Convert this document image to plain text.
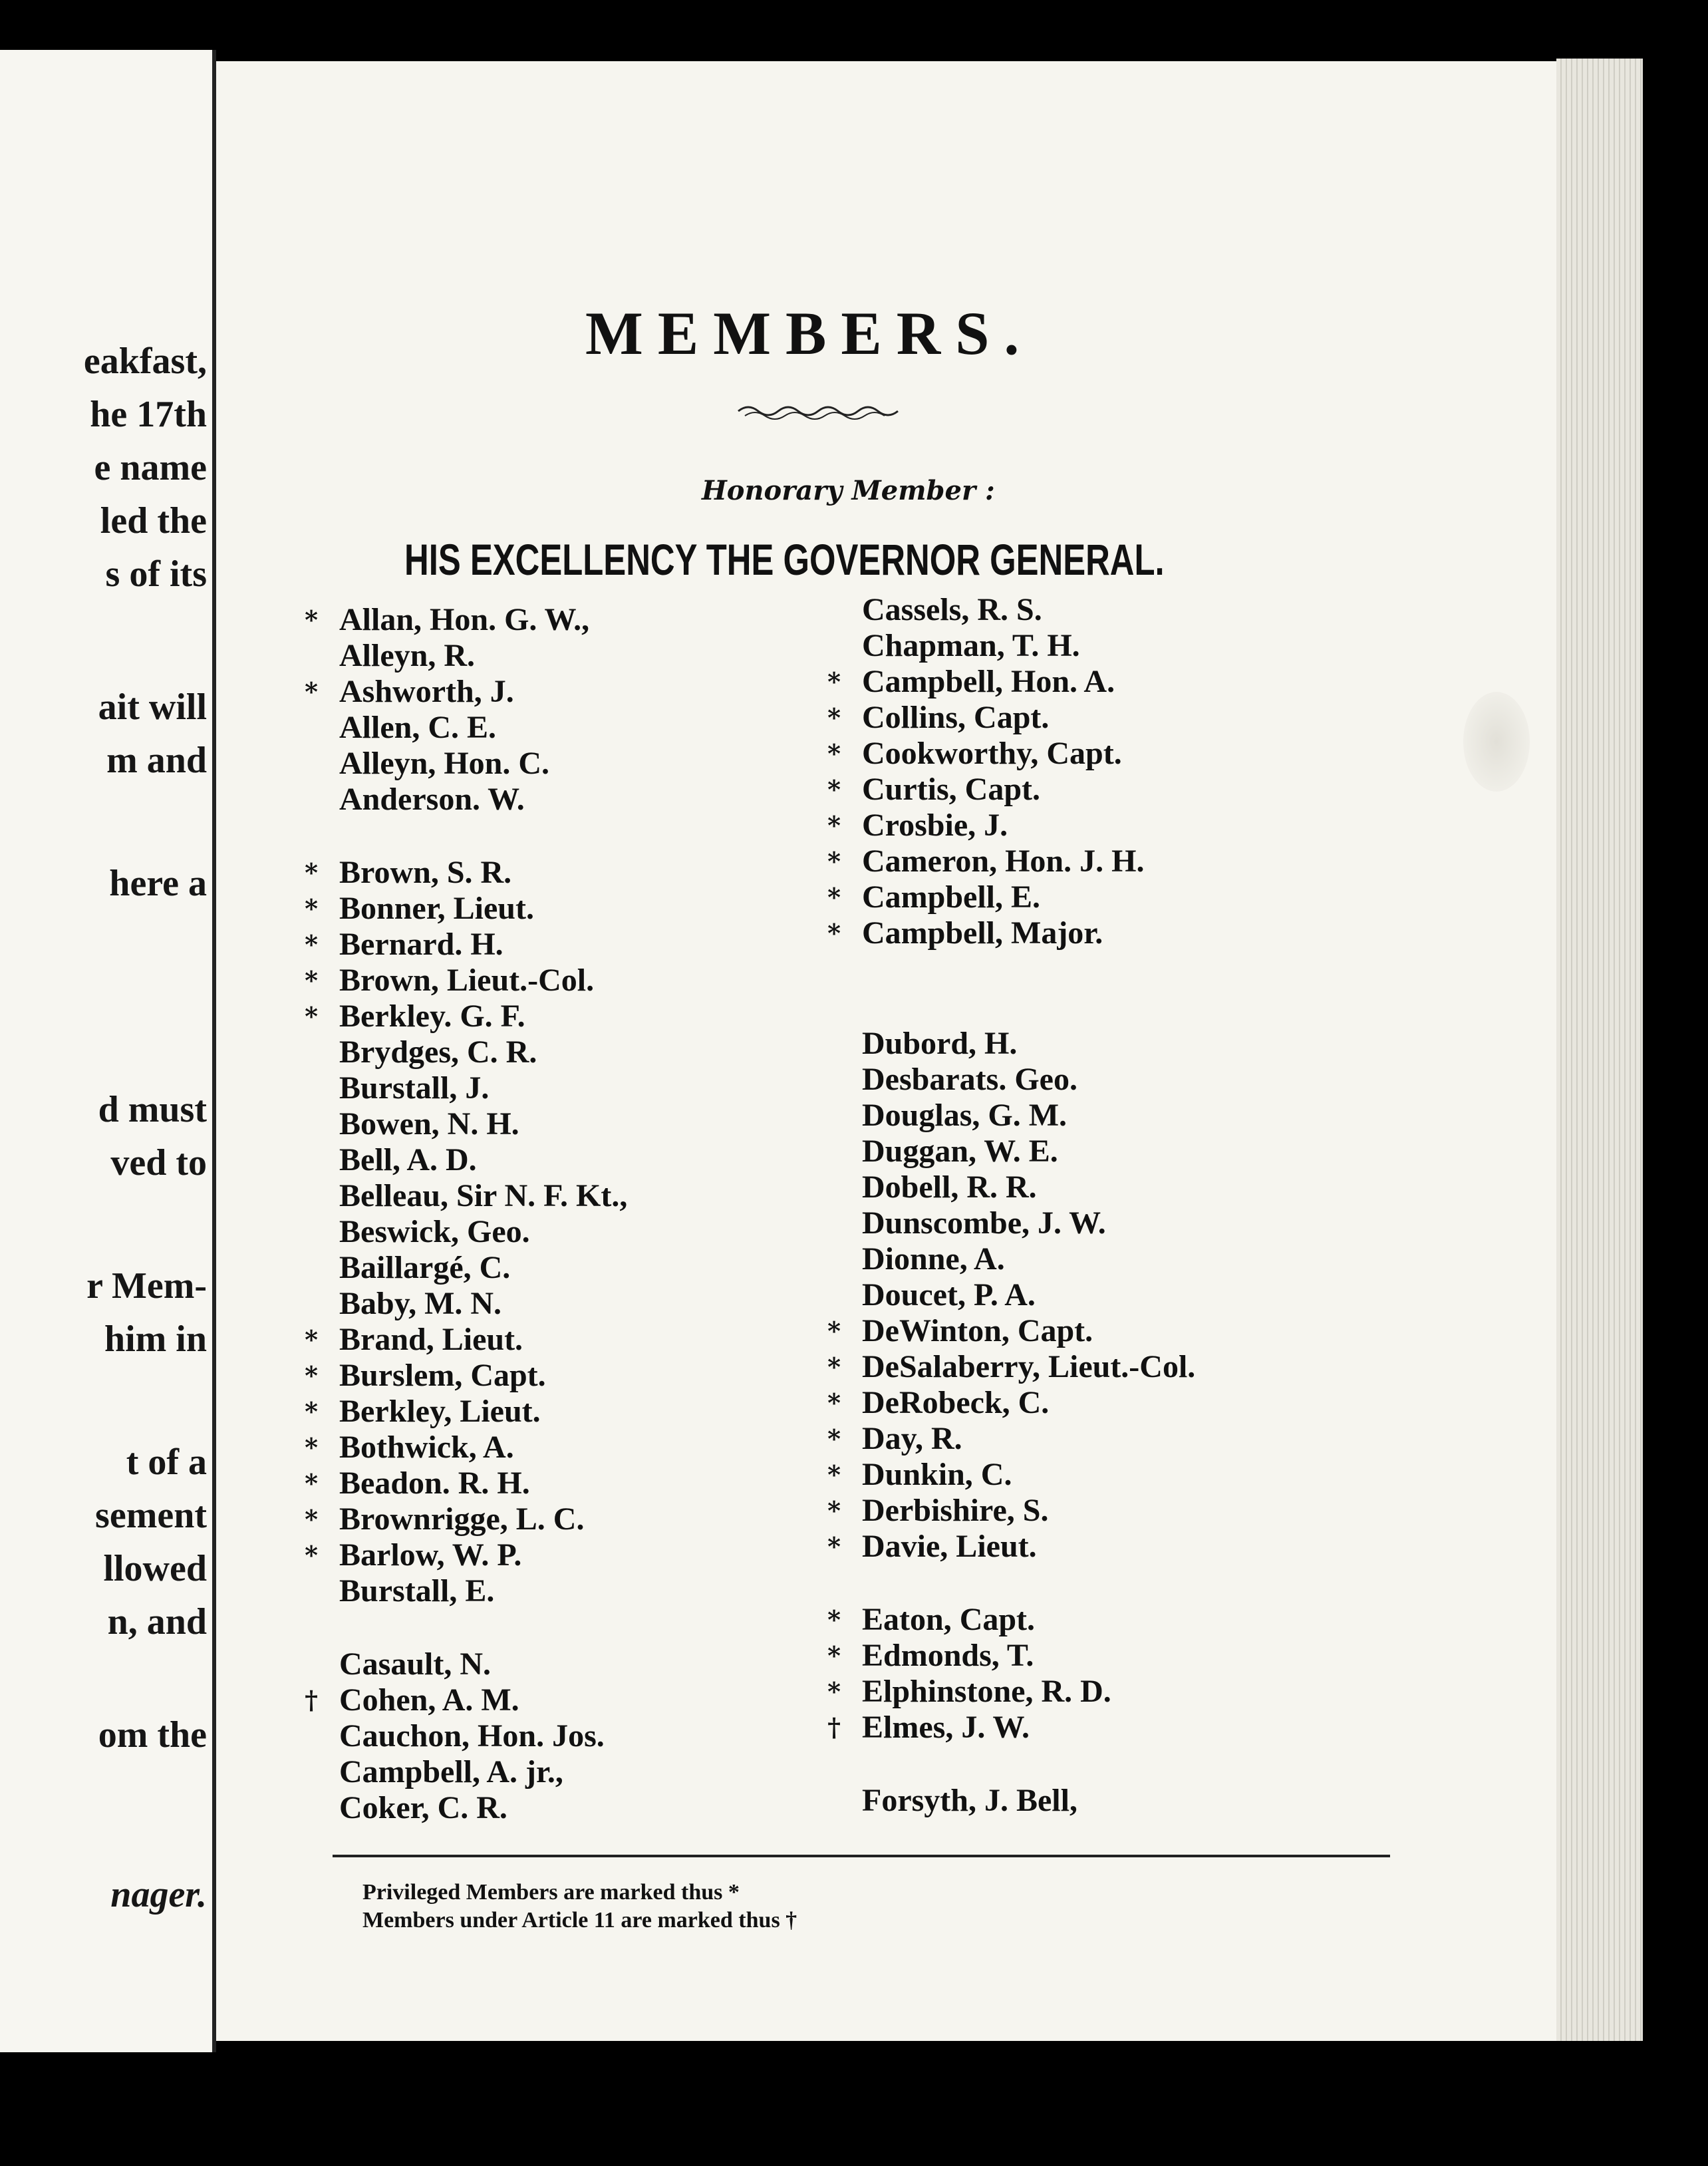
eakfast,
he 17th
e name
led the
s of its
ait will
m and
here a
d must
ved to
r Mem-
him in
t of a
sement
llowed
n, and
om the
nager.
MEMBERS.
Honorary Member :
HIS EXCELLENCY THE GOVERNOR GENERAL.
* Allan, Hon. G. W.,
Alleyn, R.
* Ashworth, J.
Allen, C. E.
Alleyn, Hon. C.
Anderson. W.
* Brown, S. R.
* Bonner, Lieut.
* Bernard. H.
* Brown, Lieut.-Col.
* Berkley. G. F.
Brydges, C. R.
Burstall, J.
Bowen, N. H.
Bell, A. D.
Belleau, Sir N. F. Kt.,
Beswick, Geo.
Baillargé, C.
Baby, M. N.
* Brand, Lieut.
* Burslem, Capt.
* Berkley, Lieut.
* Bothwick, A.
* Beadon. R. H.
* Brownrigge, L. C.
* Barlow, W. P.
Burstall, E.
Casault, N.
† Cohen, A. M.
Cauchon, Hon. Jos.
Campbell, A. jr.,
Coker, C. R.
Cassels, R. S.
Chapman, T. H.
* Campbell, Hon. A.
* Collins, Capt.
* Cookworthy, Capt.
* Curtis, Capt.
* Crosbie, J.
* Cameron, Hon. J. H.
* Campbell, E.
* Campbell, Major.
Dubord, H.
Desbarats. Geo.
Douglas, G. M.
Duggan, W. E.
Dobell, R. R.
Dunscombe, J. W.
Dionne, A.
Doucet, P. A.
* DeWinton, Capt.
* DeSalaberry, Lieut.-Col.
* DeRobeck, C.
* Day, R.
* Dunkin, C.
* Derbishire, S.
* Davie, Lieut.
* Eaton, Capt.
* Edmonds, T.
* Elphinstone, R. D.
† Elmes, J. W.
Forsyth, J. Bell,
Privileged Members are marked thus *
Members under Article 11 are marked thus †
